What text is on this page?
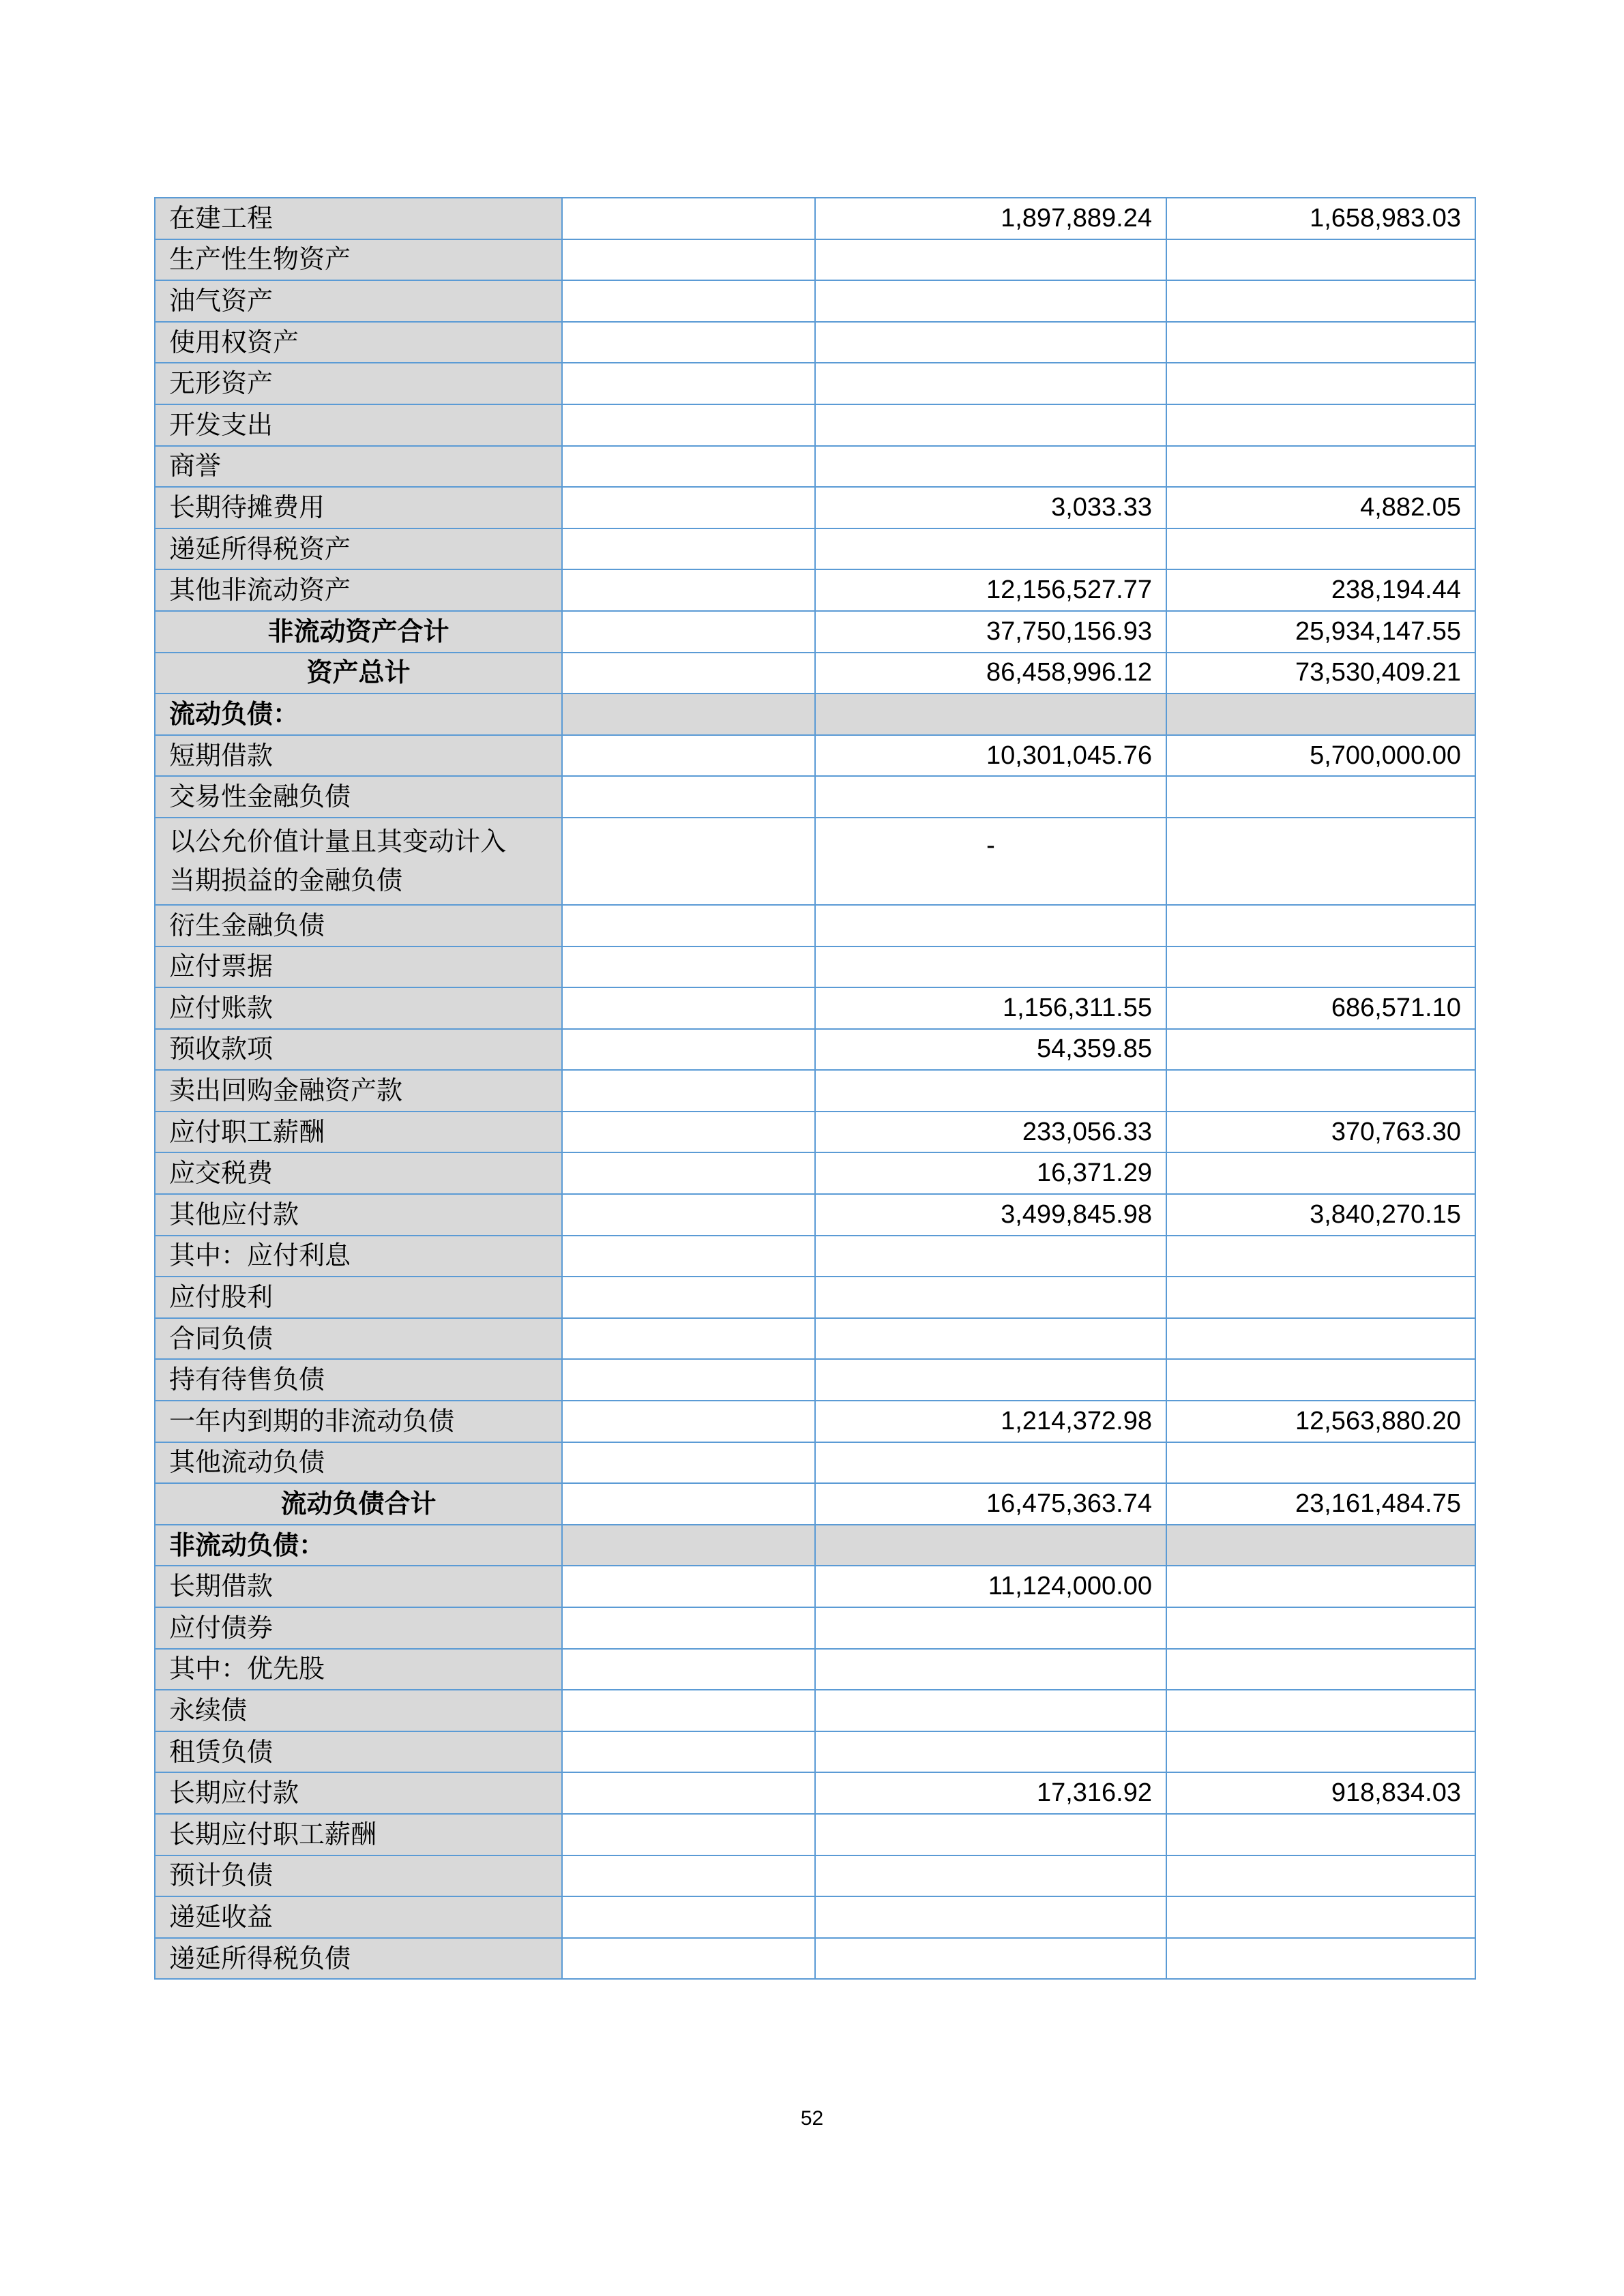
在建工程		1,897,889.24	1,658,983.03
生产性生物资产			
油气资产			
使用权资产			
无形资产			
开发支出			
商誉			
长期待摊费用		3,033.33	4,882.05
递延所得税资产			
其他非流动资产		12,156,527.77	238,194.44
非流动资产合计		37,750,156.93	25,934,147.55
资产总计		86,458,996.12	73,530,409.21
流动负债：			
短期借款		10,301,045.76	5,700,000.00
交易性金融负债			
以公允价值计量且其变动计入
当期损益的金融负债		-	
衍生金融负债			
应付票据			
应付账款		1,156,311.55	686,571.10
预收款项		54,359.85	
卖出回购金融资产款			
应付职工薪酬		233,056.33	370,763.30
应交税费		16,371.29	
其他应付款		3,499,845.98	3,840,270.15
其中：应付利息			
应付股利			
合同负债			
持有待售负债			
一年内到期的非流动负债		1,214,372.98	12,563,880.20
其他流动负债			
流动负债合计		16,475,363.74	23,161,484.75
非流动负债：			
长期借款		11,124,000.00	
应付债券			
其中：优先股			
永续债			
租赁负债			
长期应付款		17,316.92	918,834.03
长期应付职工薪酬			
预计负债			
递延收益			
递延所得税负债			
52
